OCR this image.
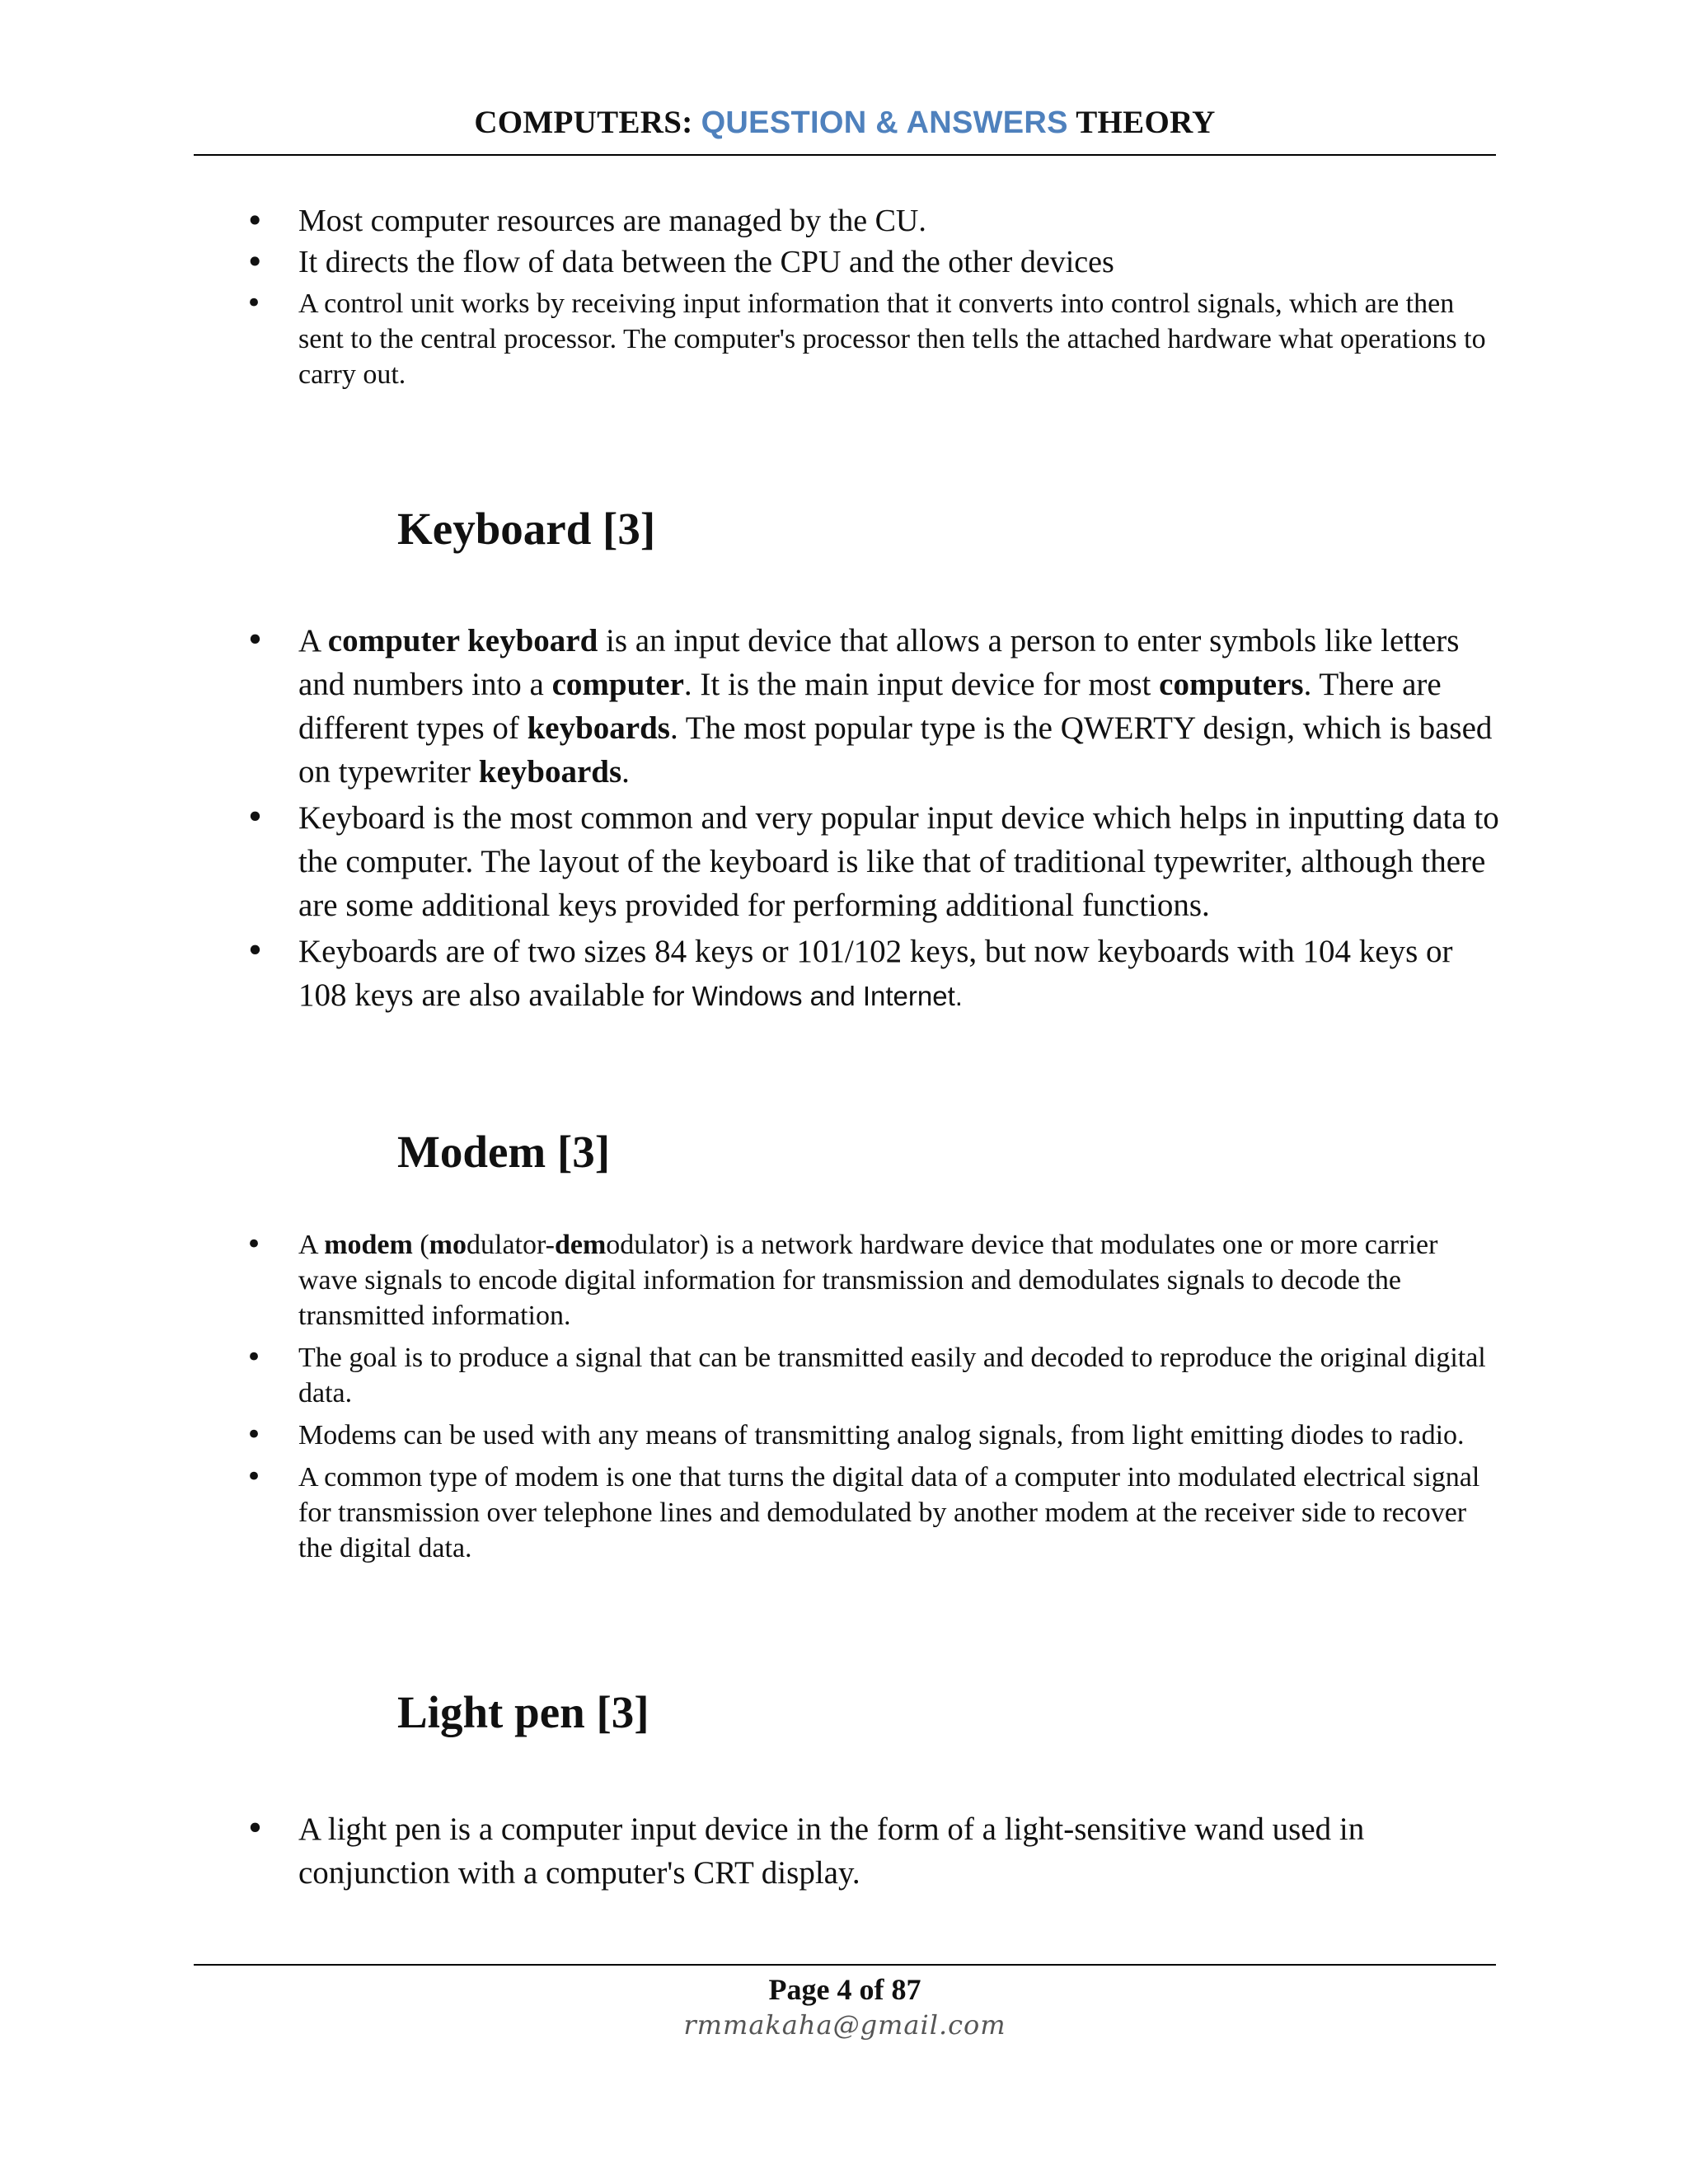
COMPUTERS: QUESTION & ANSWERS THEORY
• Most computer resources are managed by the CU.
• It directs the flow of data between the CPU and the other devices
• A control unit works by receiving input information that it converts into control signals, which are then sent to the central processor. The computer's processor then tells the attached hardware what operations to carry out.
Keyboard [3]
• A computer keyboard is an input device that allows a person to enter symbols like letters and numbers into a computer. It is the main input device for most computers. There are different types of keyboards. The most popular type is the QWERTY design, which is based on typewriter keyboards.
• Keyboard is the most common and very popular input device which helps in inputting data to the computer. The layout of the keyboard is like that of traditional typewriter, although there are some additional keys provided for performing additional functions.
• Keyboards are of two sizes 84 keys or 101/102 keys, but now keyboards with 104 keys or 108 keys are also available for Windows and Internet.
Modem [3]
• A modem (modulator-demodulator) is a network hardware device that modulates one or more carrier wave signals to encode digital information for transmission and demodulates signals to decode the transmitted information.
• The goal is to produce a signal that can be transmitted easily and decoded to reproduce the original digital data.
• Modems can be used with any means of transmitting analog signals, from light emitting diodes to radio.
• A common type of modem is one that turns the digital data of a computer into modulated electrical signal for transmission over telephone lines and demodulated by another modem at the receiver side to recover the digital data.
Light pen [3]
• A light pen is a computer input device in the form of a light-sensitive wand used in conjunction with a computer's CRT display.
Page 4 of 87
rmmakaha@gmail.com
